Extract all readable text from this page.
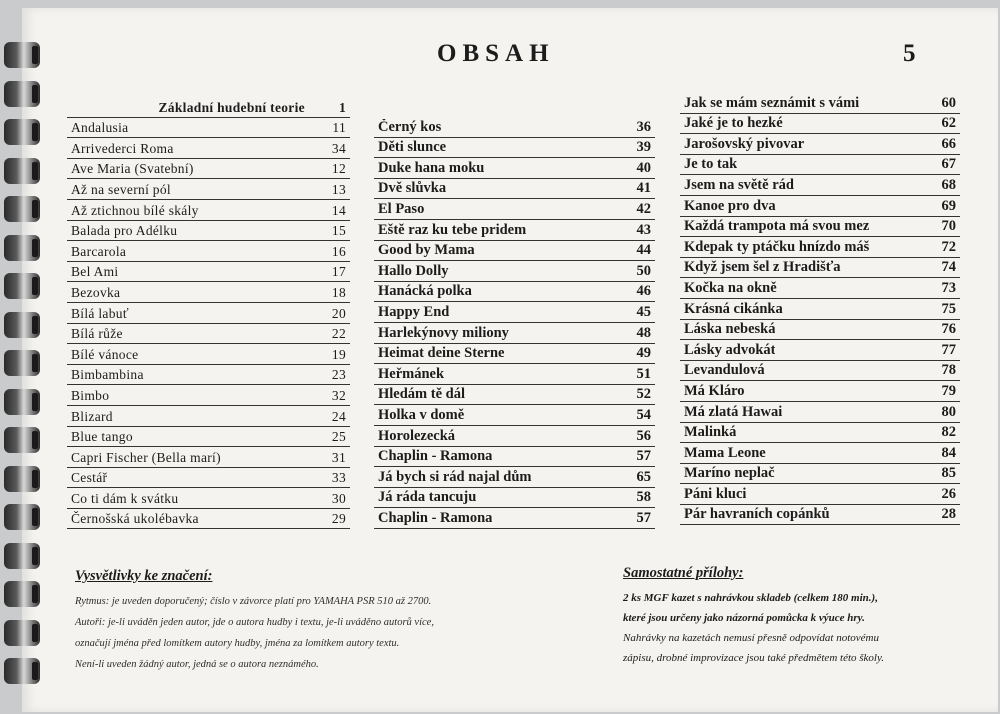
OBSAH	5
Základní hudební teorie	1
Andalusia	11
Arrivederci Roma	34
Ave Maria (Svatební)	12
Až na severní pól	13
Až ztichnou bílé skály	14
Balada pro Adélku	15
Barcarola	16
Bel Ami	17
Bezovka	18
Bílá labuť	20
Bílá růže	22
Bílé vánoce	19
Bimbambina	23
Bimbo	32
Blizard	24
Blue tango	25
Capri Fischer (Bella marí)	31
Cestář	33
Co ti dám k svátku	30
Černošská ukolébavka	29
Černý kos	36
Děti slunce	39
Duke hana moku	40
Dvě slůvka	41
El Paso	42
Eště raz ku tebe pridem	43
Good by Mama	44
Hallo Dolly	50
Hanácká polka	46
Happy End	45
Harlekýnovy miliony	48
Heimat deine Sterne	49
Heřmánek	51
Hledám tě dál	52
Holka v domě	54
Horolezecká	56
Chaplin - Ramona	57
Já bych si rád najal dům	65
Já ráda tancuju	58
Chaplin - Ramona	57
Jak se mám seznámit s vámi	60
Jaké je to hezké	62
Jarošovský pivovar	66
Je to tak	67
Jsem na světě rád	68
Kanoe pro dva	69
Každá trampota má svou mez	70
Kdepak ty ptáčku hnízdo máš	72
Když jsem šel z Hradišťa	74
Kočka na okně	73
Krásná cikánka	75
Láska nebeská	76
Lásky advokát	77
Levandulová	78
Má Kláro	79
Má zlatá Hawai	80
Malinká	82
Mama Leone	84
Maríno neplač	85
Páni kluci	26
Pár havraních copánků	28
Vysvětlivky ke značení:
Rytmus: je uveden doporučený; číslo v závorce platí pro YAMAHA PSR 510 až 2700.
Autoři: je-li uváděn jeden autor, jde o autora hudby i textu, je-li uváděno autorů více,
označují jména před lomítkem autory hudby, jména za lomítkem autory textu.
Není-li uveden žádný autor, jedná se o autora neznámého.
Samostatné přílohy:
2 ks MGF kazet s nahrávkou skladeb (celkem 180 min.),
které jsou určeny jako názorná pomůcka k výuce hry.
Nahrávky na kazetách nemusí přesně odpovídat notovému
zápisu, drobné improvizace jsou také předmětem této školy.
